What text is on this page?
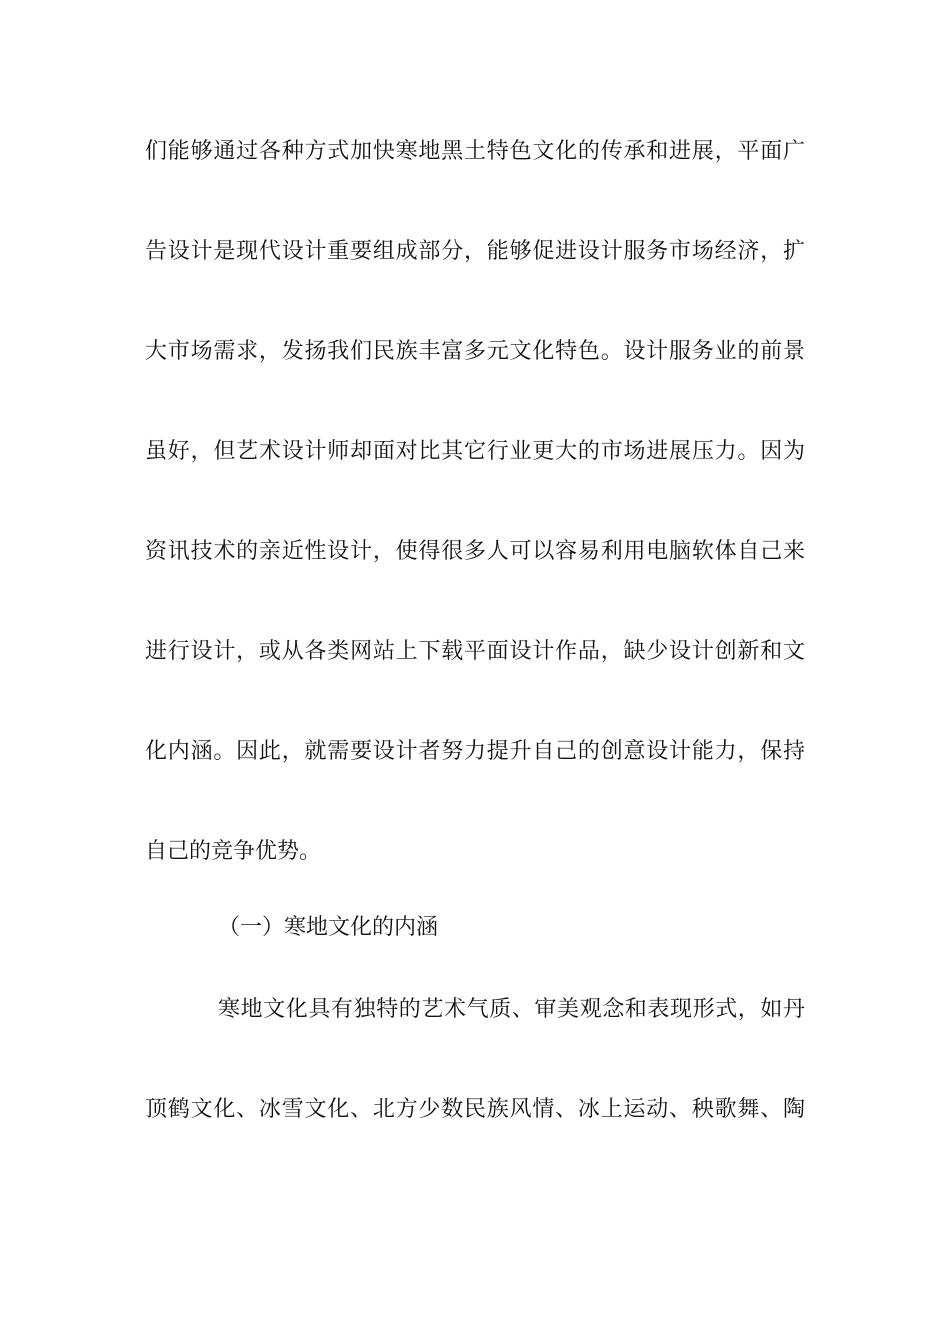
们能够通过各种方式加快寒地黑土特色文化的传承和进展，平面广
告设计是现代设计重要组成部分，能够促进设计服务市场经济，扩
大市场需求，发扬我们民族丰富多元文化特色。设计服务业的前景
虽好，但艺术设计师却面对比其它行业更大的市场进展压力。因为
资讯技术的亲近性设计，使得很多人可以容易利用电脑软体自己来
进行设计，或从各类网站上下载平面设计作品，缺少设计创新和文
化内涵。因此，就需要设计者努力提升自己的创意设计能力，保持
自己的竞争优势。
（一）寒地文化的内涵
寒地文化具有独特的艺术气质、审美观念和表现形式，如丹
顶鹤文化、冰雪文化、北方少数民族风情、冰上运动、秧歌舞、陶
